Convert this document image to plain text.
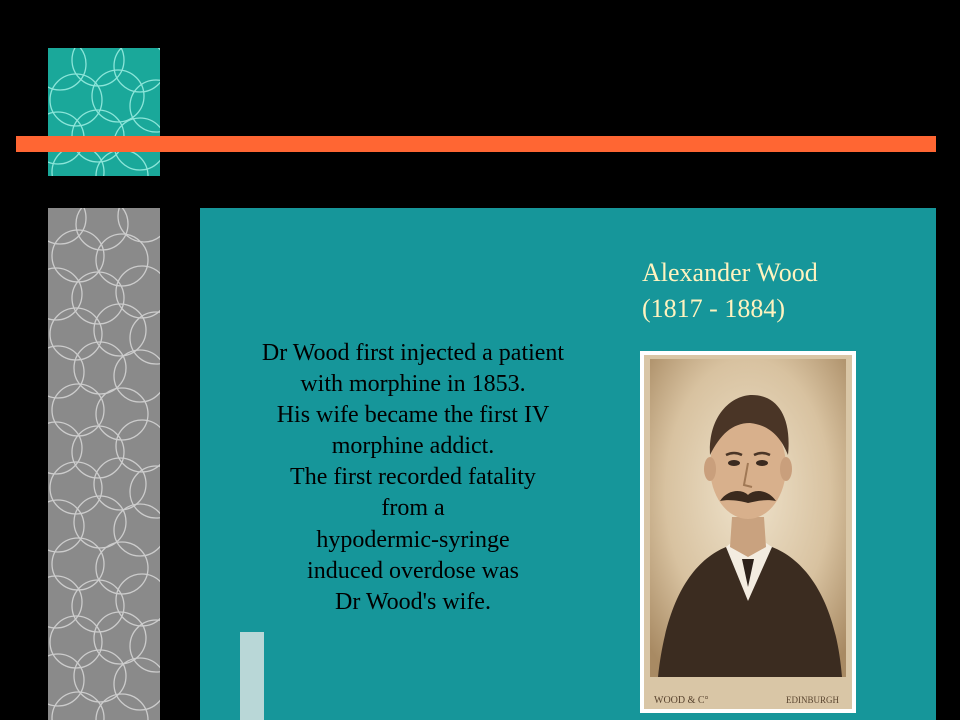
Alexander Wood
(1817 - 1884)
Dr Wood first injected a patient
with morphine in 1853.
His wife became the first IV
morphine addict.
The first recorded fatality
from a
hypodermic-syringe
induced overdose was
Dr Wood's wife.
WOOD & C°	EDINBURGH
